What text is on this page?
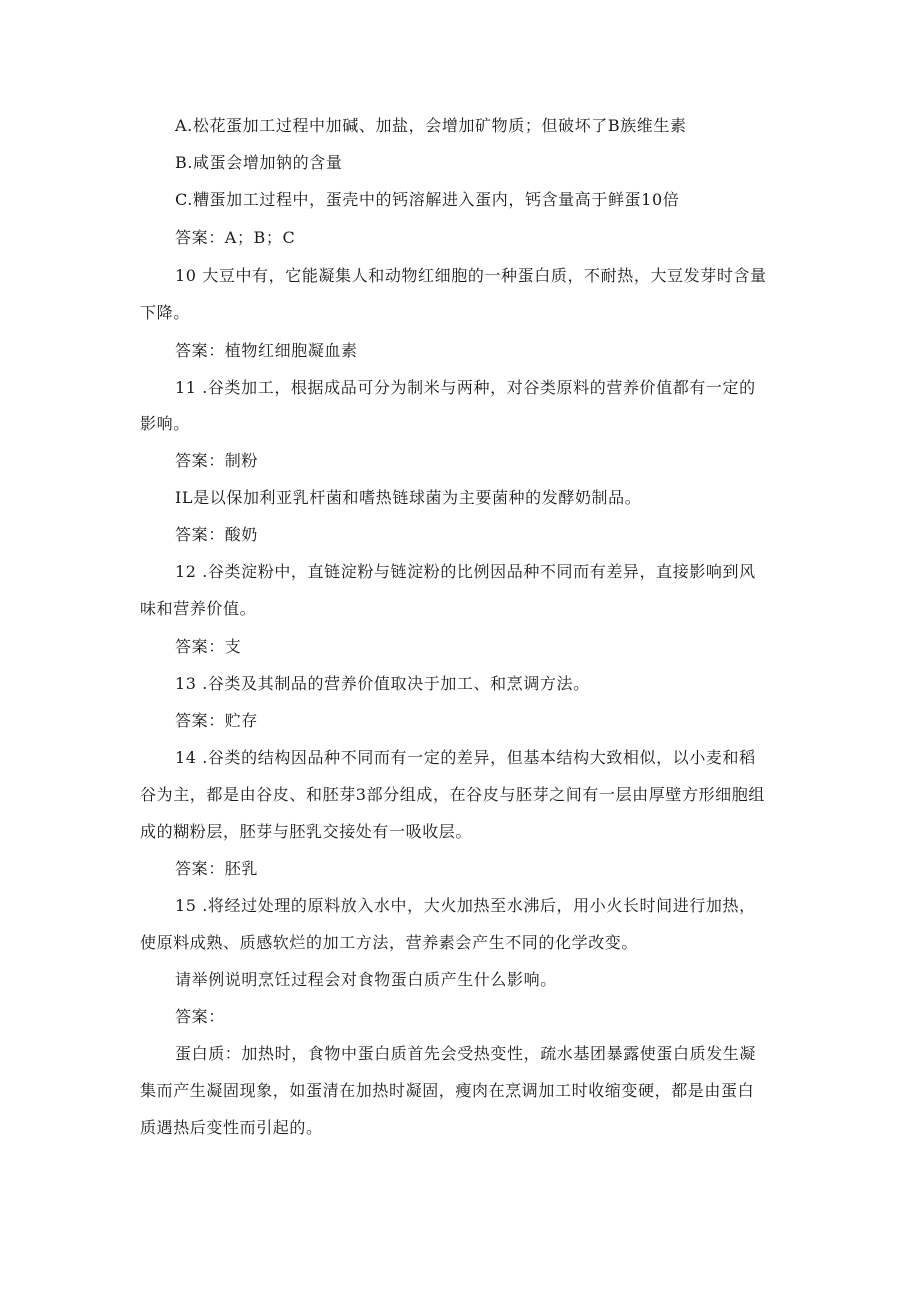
A.松花蛋加工过程中加碱、加盐，会增加矿物质；但破坏了B族维生素
B.咸蛋会增加钠的含量
C.糟蛋加工过程中，蛋壳中的钙溶解进入蛋内，钙含量高于鲜蛋10倍
答案：A；B；C
10 大豆中有，它能凝集人和动物红细胞的一种蛋白质，不耐热，大豆发芽时含量
下降。
答案：植物红细胞凝血素
11 .谷类加工，根据成品可分为制米与两种，对谷类原料的营养价值都有一定的
影响。
答案：制粉
IL是以保加利亚乳杆菌和嗜热链球菌为主要菌种的发酵奶制品。
答案：酸奶
12 .谷类淀粉中，直链淀粉与链淀粉的比例因品种不同而有差异，直接影响到风
味和营养价值。
答案：支
13 .谷类及其制品的营养价值取决于加工、和烹调方法。
答案：贮存
14 .谷类的结构因品种不同而有一定的差异，但基本结构大致相似，以小麦和稻
谷为主，都是由谷皮、和胚芽3部分组成，在谷皮与胚芽之间有一层由厚壁方形细胞组
成的糊粉层，胚芽与胚乳交接处有一吸收层。
答案：胚乳
15 .将经过处理的原料放入水中，大火加热至水沸后，用小火长时间进行加热，
使原料成熟、质感软烂的加工方法，营养素会产生不同的化学改变。
请举例说明烹饪过程会对食物蛋白质产生什么影响。
答案：
蛋白质：加热时，食物中蛋白质首先会受热变性，疏水基团暴露使蛋白质发生凝
集而产生凝固现象，如蛋清在加热时凝固，瘦肉在烹调加工时收缩变硬，都是由蛋白
质遇热后变性而引起的。
